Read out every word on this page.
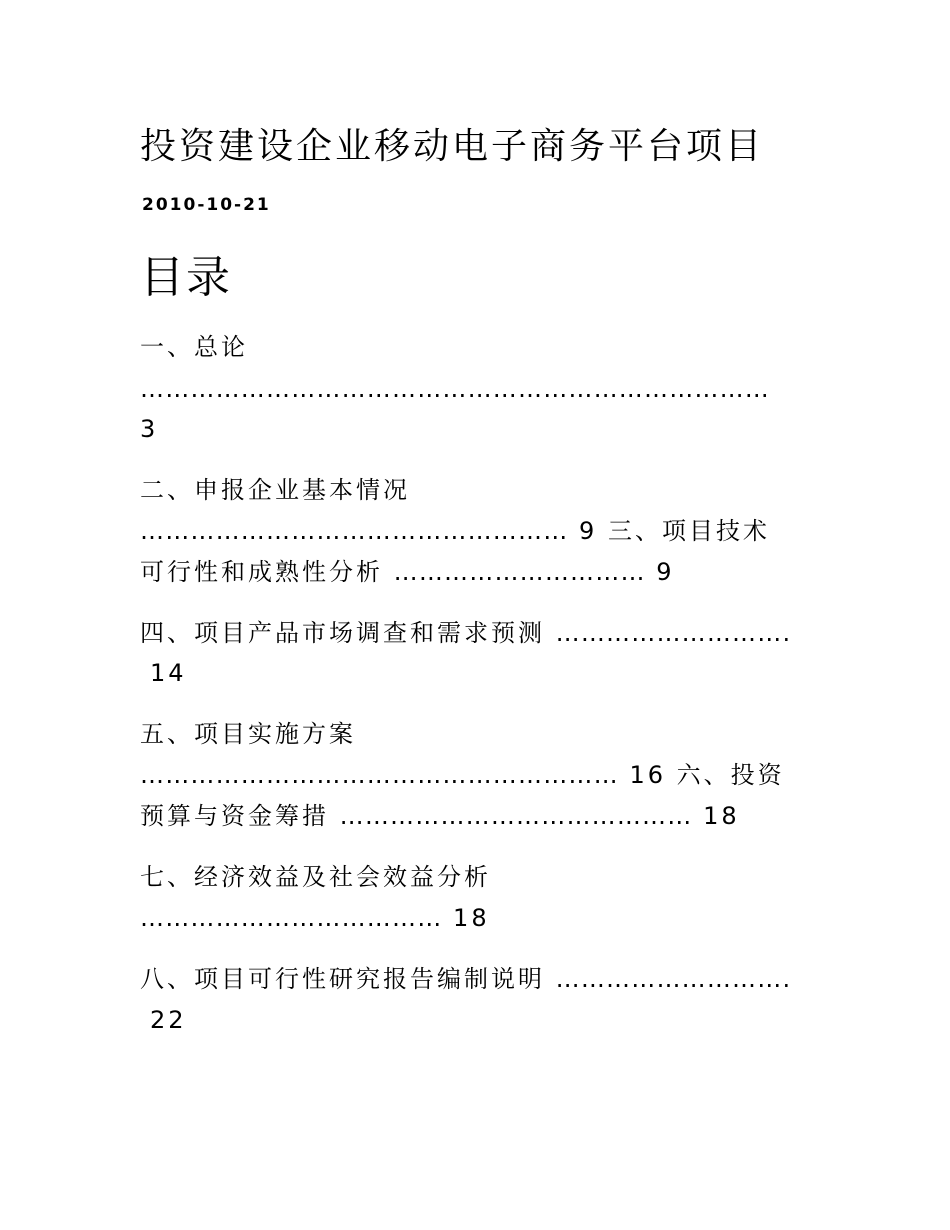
投资建设企业移动电子商务平台项目
2010-10-21
目录
一、总论
…………………………………………………………………
3
二、申报企业基本情况
…………………………………………… 9 三、项目技术
可行性和成熟性分析 ………………………… 9
四、项目产品市场调查和需求预测 ……………………….
14
五、项目实施方案
………………………………………………… 16 六、投资
预算与资金筹措 …………………………………… 18
七、经济效益及社会效益分析
……………………………… 18
八、项目可行性研究报告编制说明 ……………………….
22
